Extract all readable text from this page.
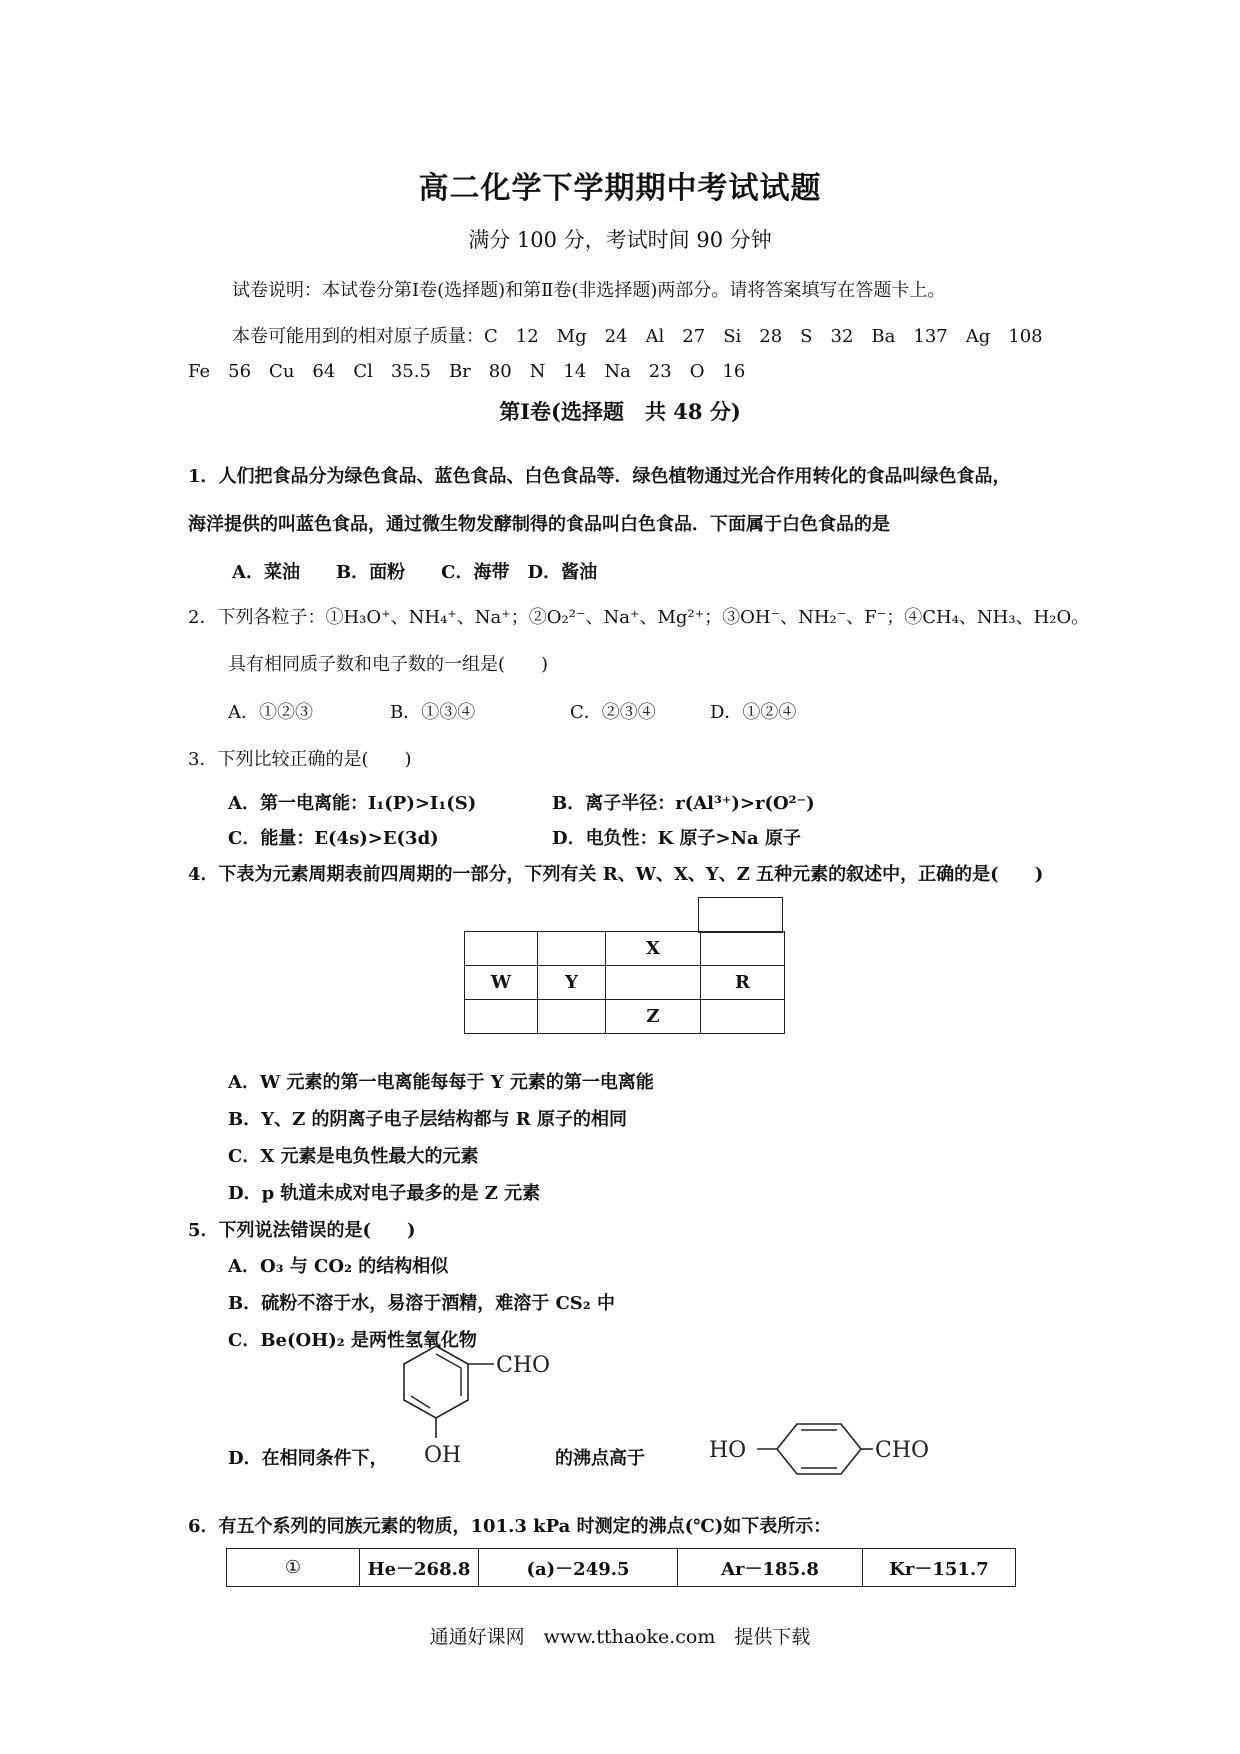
高二化学下学期期中考试试题
满分 100 分，考试时间 90 分钟
试卷说明：本试卷分第Ⅰ卷(选择题)和第Ⅱ卷(非选择题)两部分。请将答案填写在答题卡上。
本卷可能用到的相对原子质量：C　12　Mg　24　Al　27　Si　28　S　32　Ba　137　Ag　108
Fe　56　Cu　64　Cl　35.5　Br　80　N　14　Na　23　O　16
第Ⅰ卷(选择题　共 48 分)
1．人们把食品分为绿色食品、蓝色食品、白色食品等．绿色植物通过光合作用转化的食品叫绿色食品，
海洋提供的叫蓝色食品，通过微生物发酵制得的食品叫白色食品．下面属于白色食品的是
A．菜油　　B．面粉　　C．海带　D．酱油
2．下列各粒子：①H₃O⁺、NH₄⁺、Na⁺；②O₂²⁻、Na⁺、Mg²⁺；③OH⁻、NH₂⁻、F⁻；④CH₄、NH₃、H₂O。
具有相同质子数和电子数的一组是(　　)
A．①②③	B．①③④	C．②③④	D．①②④
3．下列比较正确的是(　　)
A．第一电离能：I₁(P)>I₁(S)	B．离子半径：r(Al³⁺)>r(O²⁻)
C．能量：E(4s)>E(3d)	D．电负性：K 原子>Na 原子
4．下表为元素周期表前四周期的一部分，下列有关 R、W、X、Y、Z 五种元素的叙述中，正确的是(　　)
		X	
W	Y		R
		Z	
A．W 元素的第一电离能每每于 Y 元素的第一电离能
B．Y、Z 的阴离子电子层结构都与 R 原子的相同
C．X 元素是电负性最大的元素
D．p 轨道未成对电子最多的是 Z 元素
5．下列说法错误的是(　　)
A．O₃ 与 CO₂ 的结构相似
B．硫粉不溶于水，易溶于酒精，难溶于 CS₂ 中
C．Be(OH)₂ 是两性氢氧化物
D．在相同条件下，	的沸点高于
CHO
OH	HO	CHO
6．有五个系列的同族元素的物质，101.3 kPa 时测定的沸点(℃)如下表所示：
①	He－268.8	(a)－249.5	Ar－185.8	Kr－151.7
通通好课网　www.tthaoke.com　提供下载
